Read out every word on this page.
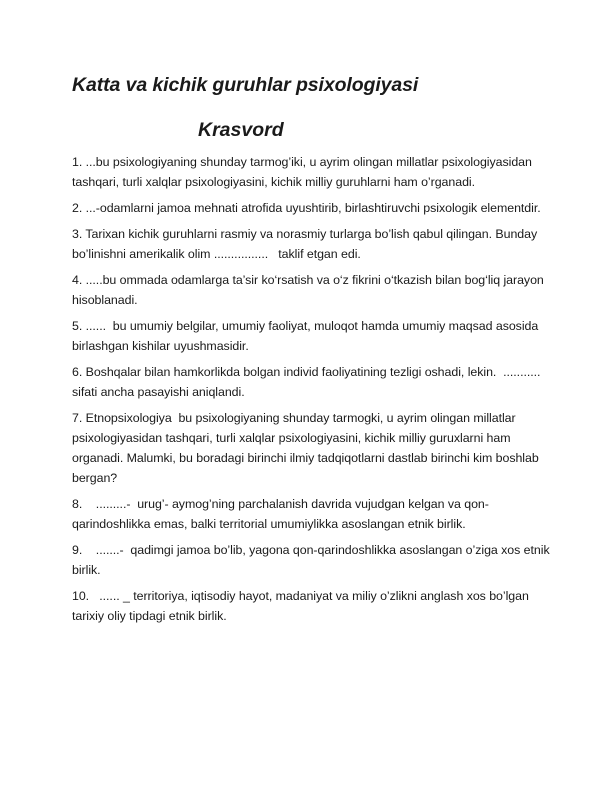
Katta va kichik guruhlar psixologiyasi
Krasvord

1. ...bu psixologiyaning shunday tarmog’iki, u ayrim olingan millatlar psixologiyasidan tashqari, turli xalqlar psixologiyasini, kichik milliy guruhlarni ham o’rganadi.

2. ...-odamlarni jamoa mehnati atrofida uyushtirib, birlashtiruvchi psixologik elementdir.

3. Tarixan kichik guruhlarni rasmiy va norasmiy turlarga bo’lish qabul qilingan. Bunday bo’linishni amerikalik olim ................   taklif etgan edi.

4. .....bu ommada odamlarga ta’sir ko‘rsatish va o‘z fikrini o‘tkazish bilan bog‘liq jarayon hisoblanadi.

5. ......  bu umumiy belgilar, umumiy faoliyat, muloqot hamda umumiy maqsad asosida birlashgan kishilar uyushmasidir.

6. Boshqalar bilan hamkorlikda bolgan individ faoliyatining tezligi oshadi, lekin.  ...........  sifati ancha pasayishi aniqlandi.

7. Etnopsixologiya  bu psixologiyaning shunday tarmogki, u ayrim olingan millatlar psixologiyasidan tashqari, turli xalqlar psixologiyasini, kichik milliy guruxlarni ham organadi. Malumki, bu boradagi birinchi ilmiy tadqiqotlarni dastlab birinchi kim boshlab bergan?

8.    .........-  urug’- aymog’ning parchalanish davrida vujudgan kelgan va qon-qarindoshlikka emas, balki territorial umumiylikka asoslangan etnik birlik.

9.    .......-  qadimgi jamoa bo’lib, yagona qon-qarindoshlikka asoslangan o’ziga xos etnik birlik.

10.   ...... _ territoriya, iqtisodiy hayot, madaniyat va miliy o’zlikni anglash xos bo’lgan tarixiy oliy tipdagi etnik birlik.
